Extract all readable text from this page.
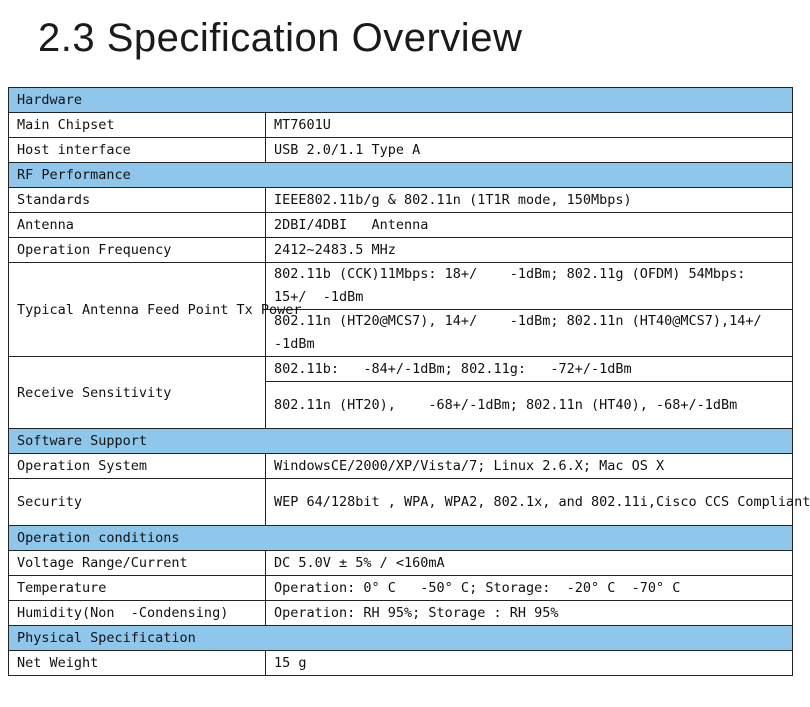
2.3 Specification Overview
Hardware	
Main Chipset	MT7601U
Host interface	USB 2.0/1.1 Type A
RF Performance	
Standards	IEEE802.11b/g & 802.11n (1T1R mode, 150Mbps)
Antenna	2DBI/4DBI   Antenna
Operation Frequency	2412~2483.5 MHz
Typical Antenna Feed Point Tx Power	802.11b (CCK)11Mbps: 18+/    -1dBm; 802.11g (OFDM) 54Mbps: 15+/  -1dBm
	802.11n (HT20@MCS7), 14+/    -1dBm; 802.11n (HT40@MCS7),14+/   -1dBm
Receive Sensitivity	802.11b:   -84+/-1dBm; 802.11g:   -72+/-1dBm
	802.11n (HT20),    -68+/-1dBm; 802.11n (HT40), -68+/-1dBm
Software Support	
Operation System	WindowsCE/2000/XP/Vista/7; Linux 2.6.X; Mac OS X
Security	WEP 64/128bit , WPA, WPA2, 802.1x, and 802.11i,Cisco CCS Compliant
Operation conditions	
Voltage Range/Current	DC 5.0V ± 5% / <160mA
Temperature	Operation: 0° C   -50° C; Storage:  -20° C  -70° C
Humidity(Non  -Condensing)	Operation: RH 95%; Storage : RH 95%
Physical Specification	
Net Weight	15 g
